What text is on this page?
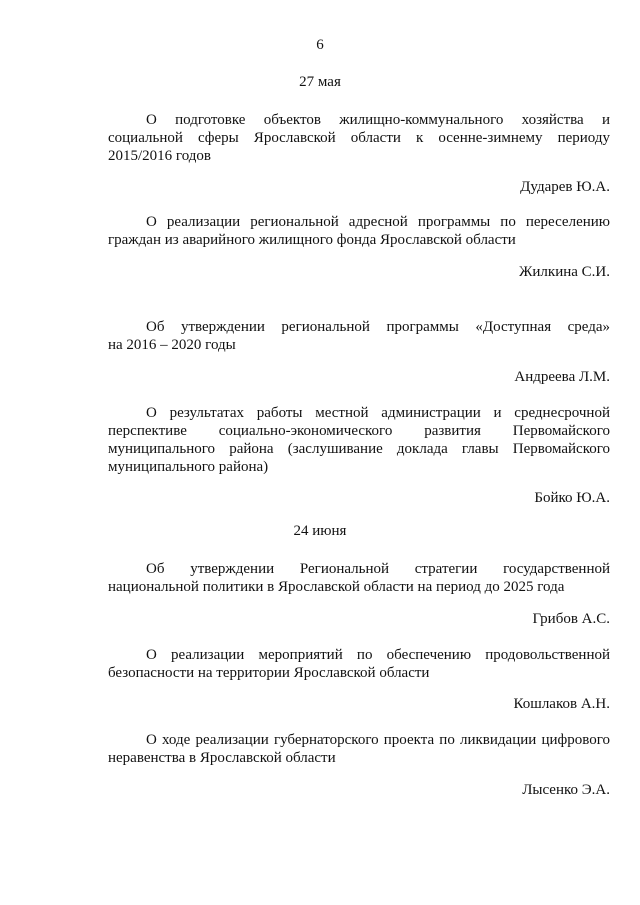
6
27 мая
О подготовке объектов жилищно-коммунального хозяйства и
социальной сферы Ярославской области к осенне-зимнему периоду
2015/2016 годов
Дударев Ю.А.
О реализации региональной адресной программы по переселению
граждан из аварийного жилищного фонда Ярославской области
Жилкина С.И.
Об утверждении региональной программы «Доступная среда»
на 2016 – 2020 годы
Андреева Л.М.
О результатах работы местной администрации и среднесрочной
перспективе социально-экономического развития Первомайского
муниципального района (заслушивание доклада главы Первомайского
муниципального района)
Бойко Ю.А.
24 июня
Об утверждении Региональной стратегии государственной
национальной политики в Ярославской области на период до 2025 года
Грибов А.С.
О реализации мероприятий по обеспечению продовольственной
безопасности на территории Ярославской области
Кошлаков А.Н.
О ходе реализации губернаторского проекта по ликвидации цифрового
неравенства в Ярославской области
Лысенко Э.А.
